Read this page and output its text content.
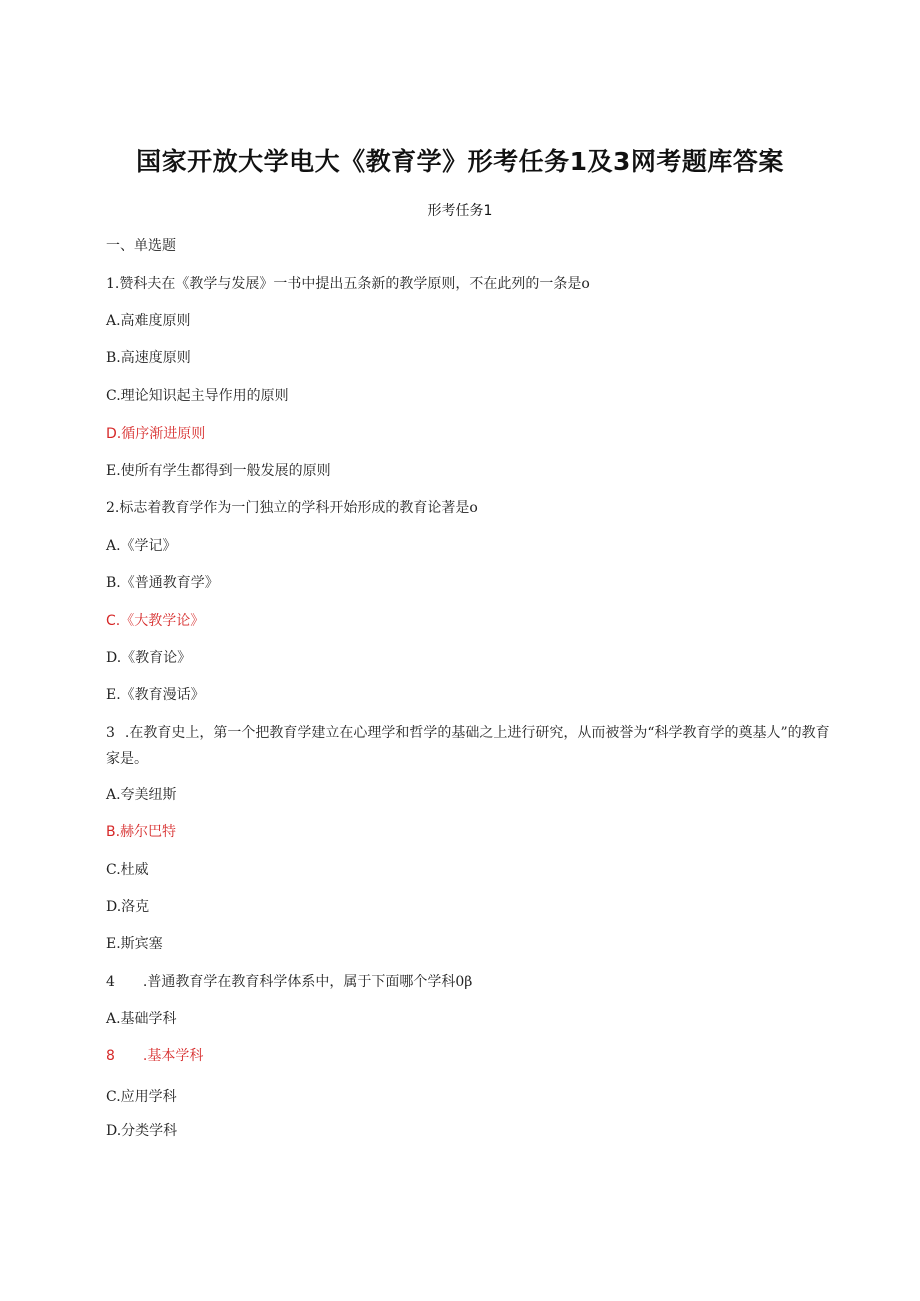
国家开放大学电大《教育学》形考任务1及3网考题库答案
形考任务1
一、单选题
1.赞科夫在《教学与发展》一书中提出五条新的教学原则，不在此列的一条是o
A.高难度原则
B.高速度原则
C.理论知识起主导作用的原则
D.循序渐进原则
E.使所有学生都得到一般发展的原则
2.标志着教育学作为一门独立的学科开始形成的教育论著是o
A.《学记》
B.《普通教育学》
C.《大教学论》
D.《教育论》
E.《教育漫话》
3 .在教育史上，第一个把教育学建立在心理学和哲学的基础之上进行研究，从而被誉为“科学教育学的奠基人”的教育家是。
A.夸美纽斯
B.赫尔巴特
C.杜威
D.洛克
E.斯宾塞
4 .普通教育学在教育科学体系中，属于下面哪个学科0β
A.基础学科
8 .基本学科
C.应用学科
D.分类学科
